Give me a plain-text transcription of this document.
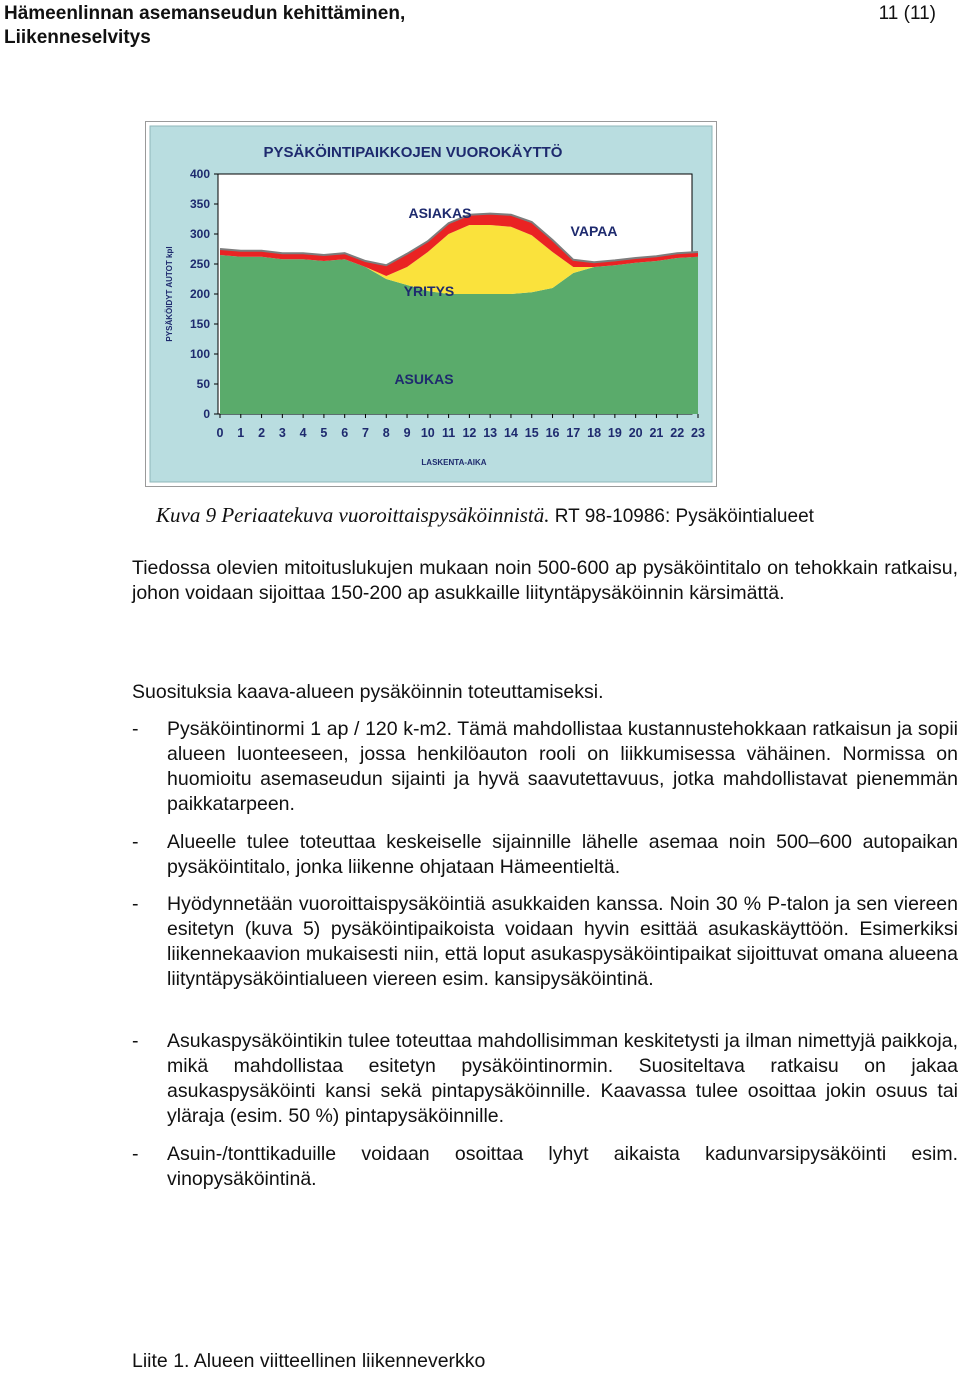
Hämeenlinnan asemanseudun kehittäminen,
Liikenneselvitys
11 (11)
0
50
100
150
200
250
300
350
400
0 1 2 3 4 5 6 7 8 9 10 11 12 13 14 15 16 17 18 19 20 21 22 23
PYSÄKÖINTIPAIKKOJEN VUOROKÄYTTÖ
LASKENTA-AIKA
PYSÄKÖIDYT AUTOT kpl
ASIAKAS
VAPAA
YRITYS
ASUKAS
Kuva 9 Periaatekuva vuoroittaispysäköinnistä. RT 98-10986: Pysäköintialueet
Tiedossa olevien mitoituslukujen mukaan noin 500-600 ap pysäköintitalo on tehokkain ratkaisu, johon voidaan sijoittaa 150-200 ap asukkaille liityntäpysäköinnin kärsimättä.
Suosituksia kaava-alueen pysäköinnin toteuttamiseksi.
- Pysäköintinormi 1 ap / 120 k-m2. Tämä mahdollistaa kustannustehokkaan ratkaisun ja sopii alueen luonteeseen, jossa henkilöauton rooli on liikkumisessa vähäinen. Normissa on huomioitu asemaseudun sijainti ja hyvä saavutettavuus, jotka mahdollistavat pienemmän paikkatarpeen.
- Alueelle tulee toteuttaa keskeiselle sijainnille lähelle asemaa noin 500–600 autopaikan pysäköintitalo, jonka liikenne ohjataan Hämeentieltä.
- Hyödynnetään vuoroittaispysäköintiä asukkaiden kanssa. Noin 30 % P-talon ja sen viereen esitetyn (kuva 5) pysäköintipaikoista voidaan hyvin esittää asukaskäyttöön. Esimerkiksi liikennekaavion mukaisesti niin, että loput asukaspysäköintipaikat sijoittuvat omana alueena liityntäpysäköintialueen viereen esim. kansipysäköintinä.
- Asukaspysäköintikin tulee toteuttaa mahdollisimman keskitetysti ja ilman nimettyjä paikkoja, mikä mahdollistaa esitetyn pysäköintinormin. Suositeltava ratkaisu on jakaa asukaspysäköinti kansi sekä pintapysäköinnille. Kaavassa tulee osoittaa jokin osuus tai yläraja (esim. 50 %) pintapysäköinnille.
- Asuin-/tonttikaduille voidaan osoittaa lyhyt aikaista kadunvarsipysäköinti esim. vinopysäköintinä.
Liite 1. Alueen viitteellinen liikenneverkko
